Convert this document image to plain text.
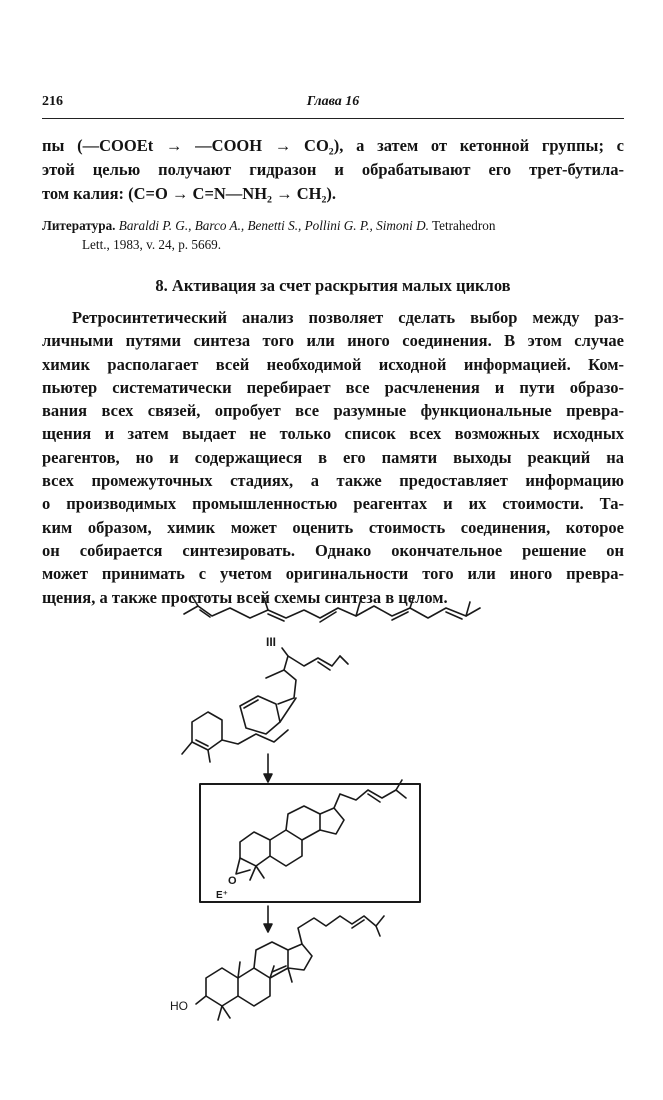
216	Глава 16
пы (—COOEt → —COOH → CO₂), а затем от кетонной группы; с
этой целью получают гидразон и обрабатывают его трет-бутила-
том калия: (C=O → C=N—NH₂ → CH₂).
Литература. Baraldi P. G., Barco A., Benetti S., Pollini G. P., Simoni D. Tetrahedron
Lett., 1983, v. 24, p. 5669.
8. Активация за счет раскрытия малых циклов
Ретросинтетический анализ позволяет сделать выбор между раз-
личными путями синтеза того или иного соединения. В этом случае
химик располагает всей необходимой исходной информацией. Ком-
пьютер систематически перебирает все расчленения и пути образо-
вания всех связей, опробует все разумные функциональные превра-
щения и затем выдает не только список всех возможных исходных
реагентов, но и содержащиеся в его памяти выходы реакций на
всех промежуточных стадиях, а также предоставляет информацию
о производимых промышленностью реагентах и их стоимости. Та-
ким образом, химик может оценить стоимость соединения, которое
он собирается синтезировать. Однако окончательное решение он
может принимать с учетом оригинальности того или иного превра-
щения, а также простоты всей схемы синтеза в целом.
III
O
E⁺
HO
